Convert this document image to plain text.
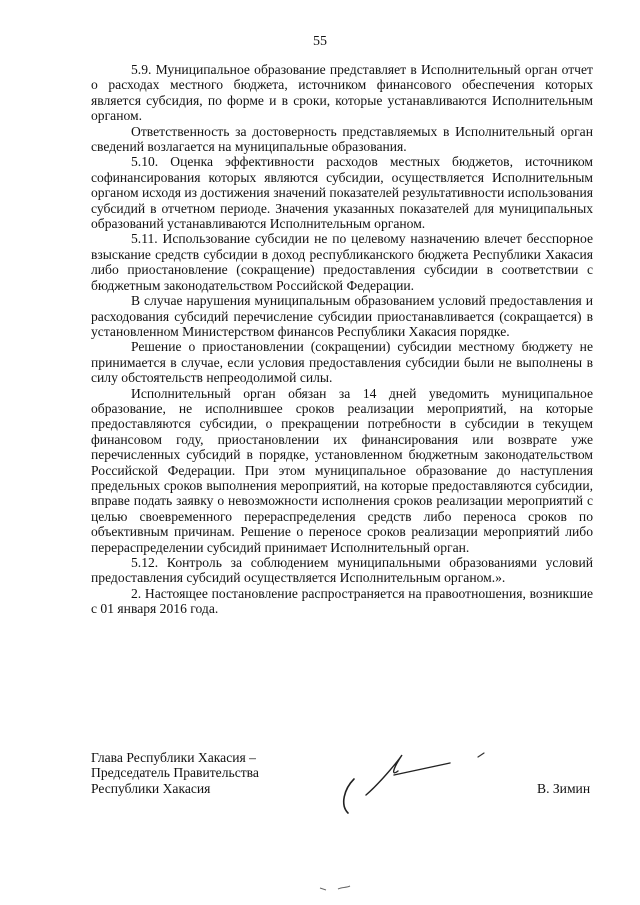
55

5.9. Муниципальное образование представляет в Исполнительный орган отчет о расходах местного бюджета, источником финансового обеспечения которых является субсидия, по форме и в сроки, которые устанавливаются Исполнительным органом.

Ответственность за достоверность представляемых в Исполнительный орган сведений возлагается на муниципальные образования.

5.10. Оценка эффективности расходов местных бюджетов, источником софинансирования которых являются субсидии, осуществляется Исполнительным органом исходя из достижения значений показателей результативности использования субсидий в отчетном периоде. Значения указанных показателей для муниципальных образований устанавливаются Исполнительным органом.

5.11. Использование субсидии не по целевому назначению влечет бесспорное взыскание средств субсидии в доход республиканского бюджета Республики Хакасия либо приостановление (сокращение) предоставления субсидии в соответствии с бюджетным законодательством Российской Федерации.

В случае нарушения муниципальным образованием условий предоставления и расходования субсидий перечисление субсидии приостанавливается (сокращается) в установленном Министерством финансов Республики Хакасия порядке.

Решение о приостановлении (сокращении) субсидии местному бюджету не принимается в случае, если условия предоставления субсидии были не выполнены в силу обстоятельств непреодолимой силы.

Исполнительный орган обязан за 14 дней уведомить муниципальное образование, не исполнившее сроков реализации мероприятий, на которые предоставляются субсидии, о прекращении потребности в субсидии в текущем финансовом году, приостановлении их финансирования или возврате уже перечисленных субсидий в порядке, установленном бюджетным законодательством Российской Федерации. При этом муниципальное образование до наступления предельных сроков выполнения мероприятий, на которые предоставляются субсидии, вправе подать заявку о невозможности исполнения сроков реализации мероприятий с целью своевременного перераспределения средств либо переноса сроков по объективным причинам. Решение о переносе сроков реализации мероприятий либо перераспределении субсидий принимает Исполнительный орган.

5.12. Контроль за соблюдением муниципальными образованиями условий предоставления субсидий осуществляется Исполнительным органом.».

2. Настоящее постановление распространяется на правоотношения, возникшие с 01 января 2016 года.

Глава Республики Хакасия –
Председатель Правительства
Республики Хакасия	В. Зимин
